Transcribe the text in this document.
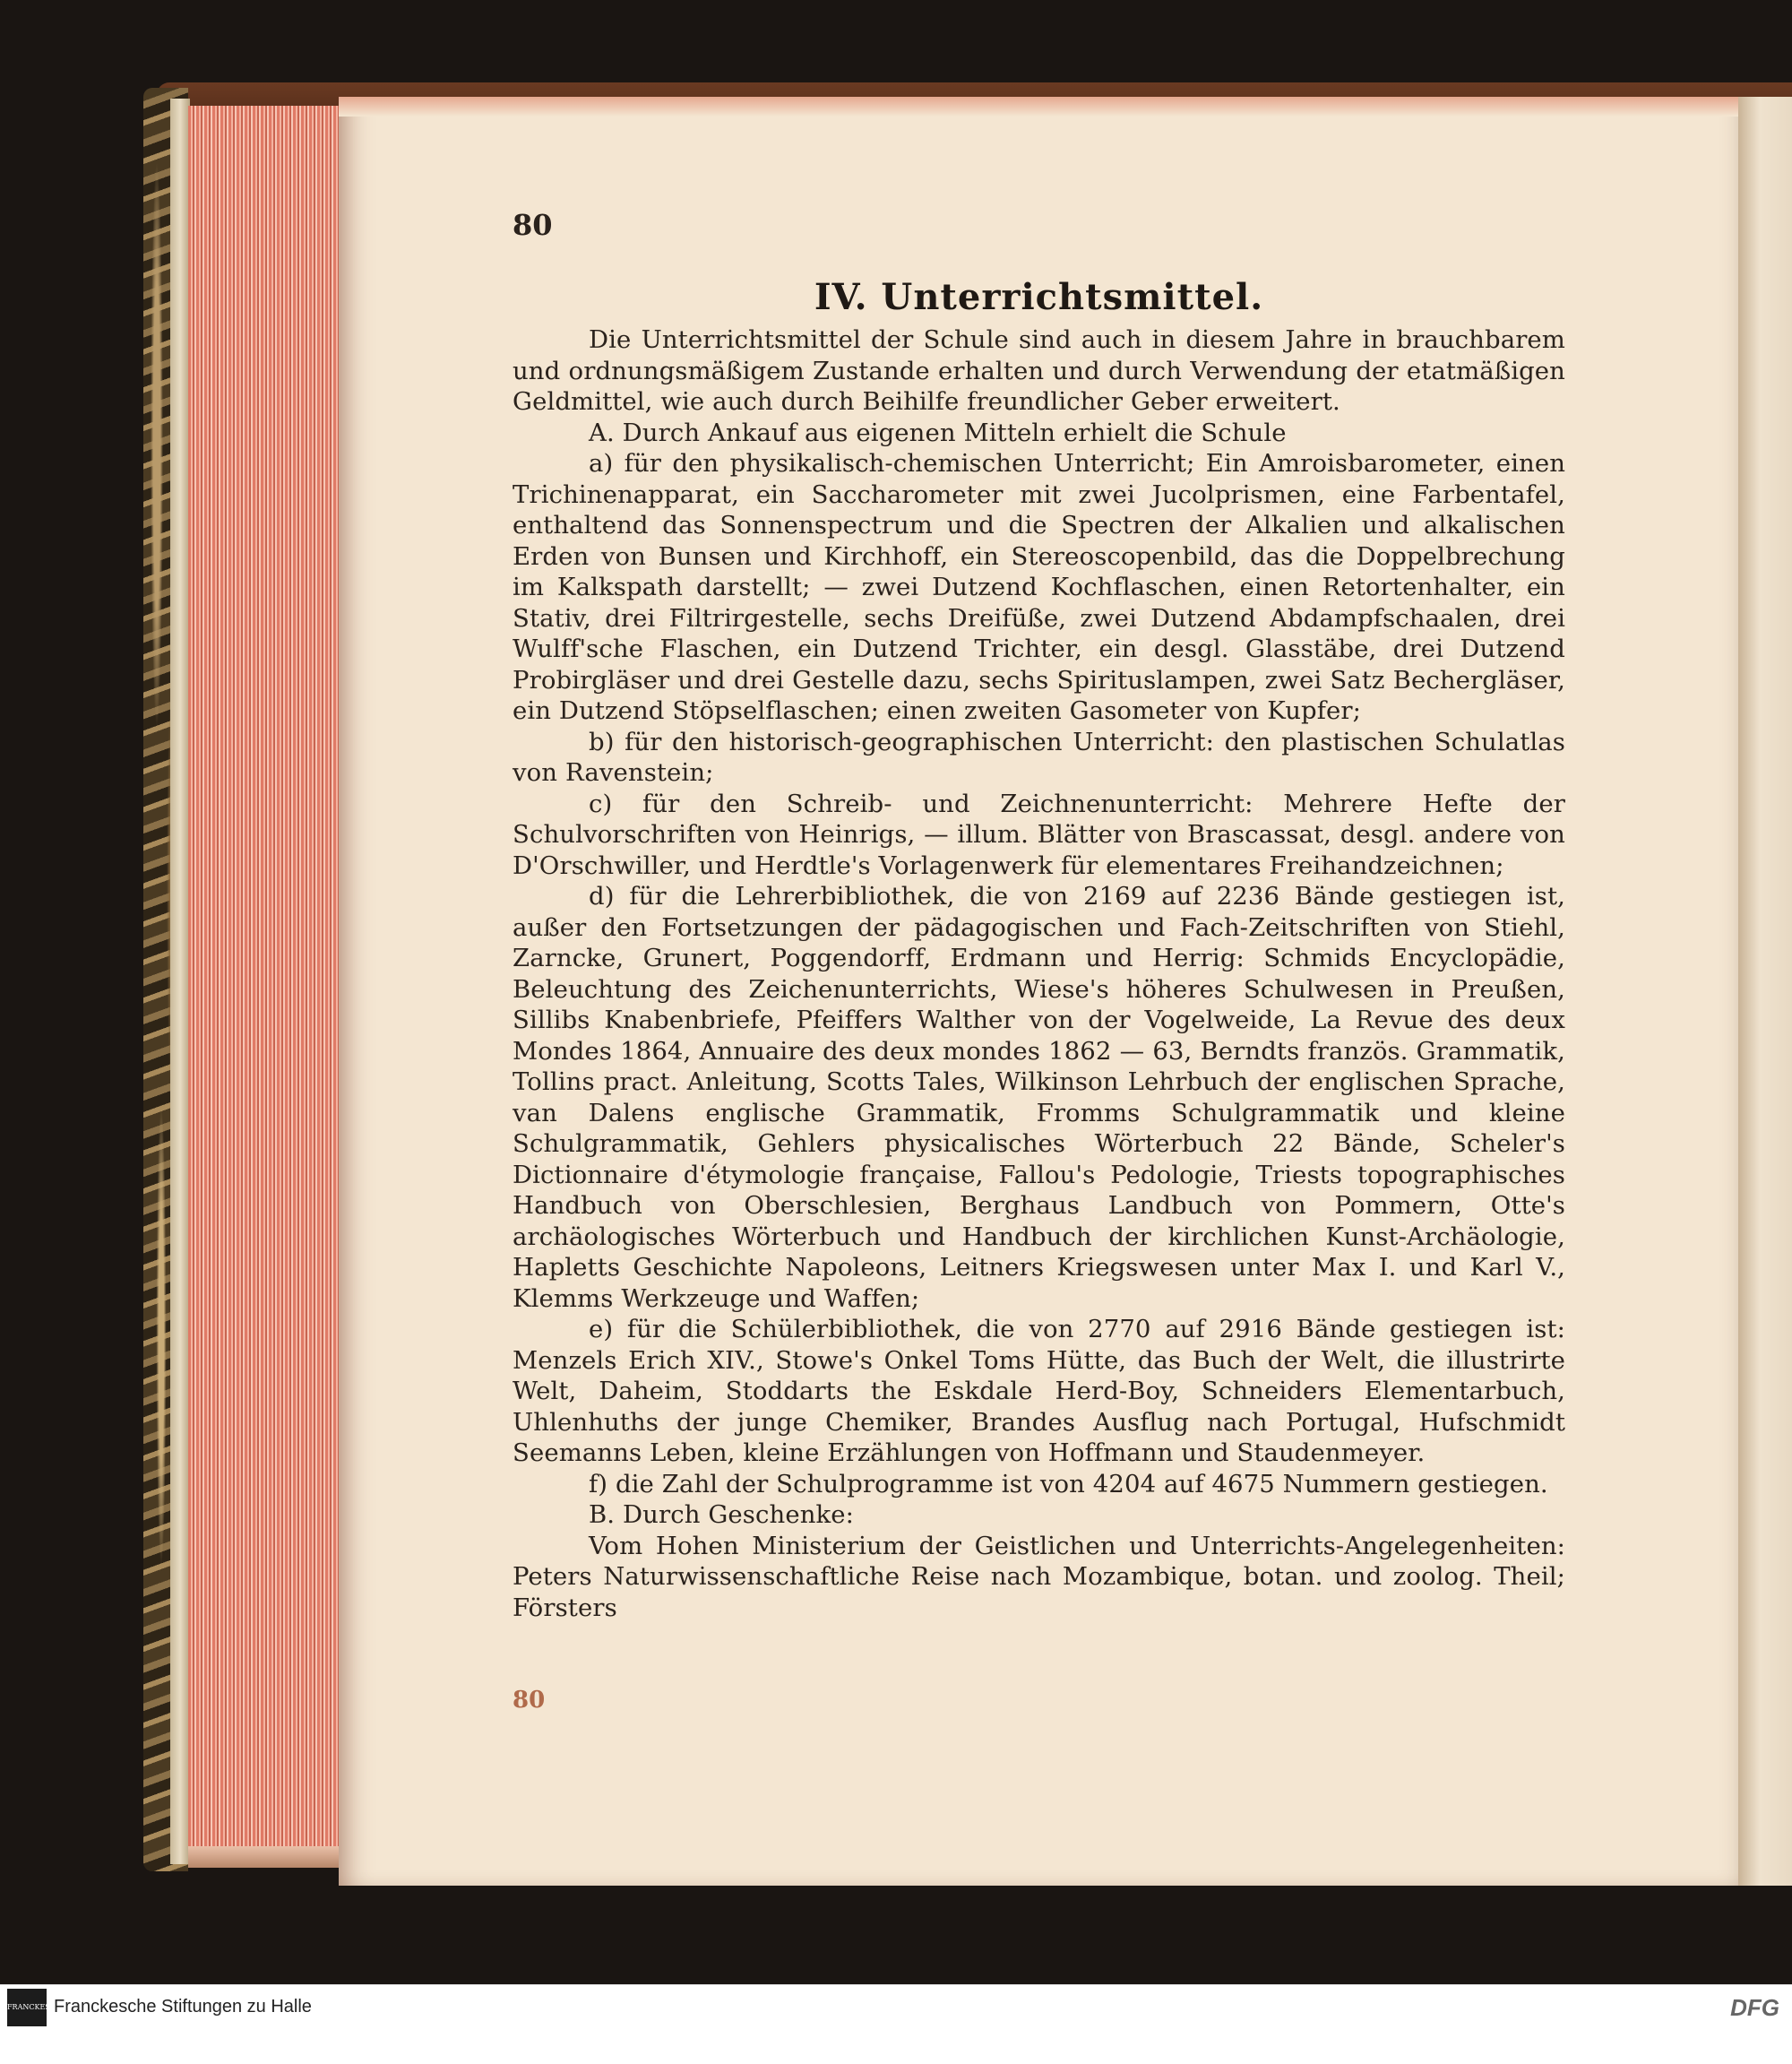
80
IV. Unterrichtsmittel.

Die Unterrichtsmittel der Schule sind auch in diesem Jahre in brauchbarem und ordnungsmäßigem Zustande erhalten und durch Verwendung der etatmäßigen Geldmittel, wie auch durch Beihilfe freundlicher Geber erweitert.

A. Durch Ankauf aus eigenen Mitteln erhielt die Schule

a) für den physikalisch-chemischen Unterricht; Ein Amroisbarometer, einen Trichinenapparat, ein Saccharometer mit zwei Jucolprismen, eine Farbentafel, enthaltend das Sonnenspectrum und die Spectren der Alkalien und alkalischen Erden von Bunsen und Kirchhoff, ein Stereoscopenbild, das die Doppelbrechung im Kalkspath darstellt; — zwei Dutzend Kochflaschen, einen Retortenhalter, ein Stativ, drei Filtrirgestelle, sechs Dreifüße, zwei Dutzend Abdampfschaalen, drei Wulff'sche Flaschen, ein Dutzend Trichter, ein desgl. Glasstäbe, drei Dutzend Probirgläser und drei Gestelle dazu, sechs Spirituslampen, zwei Satz Bechergläser, ein Dutzend Stöpselflaschen; einen zweiten Gasometer von Kupfer;

b) für den historisch-geographischen Unterricht: den plastischen Schulatlas von Ravenstein;

c) für den Schreib- und Zeichnenunterricht: Mehrere Hefte der Schulvorschriften von Heinrigs, — illum. Blätter von Brascassat, desgl. andere von D'Orschwiller, und Herdtle's Vorlagenwerk für elementares Freihandzeichnen;

d) für die Lehrerbibliothek, die von 2169 auf 2236 Bände gestiegen ist, außer den Fortsetzungen der pädagogischen und Fach-Zeitschriften von Stiehl, Zarncke, Grunert, Poggendorff, Erdmann und Herrig: Schmids Encyclopädie, Beleuchtung des Zeichenunterrichts, Wiese's höheres Schulwesen in Preußen, Sillibs Knabenbriefe, Pfeiffers Walther von der Vogelweide, La Revue des deux Mondes 1864, Annuaire des deux mondes 1862 — 63, Berndts französ. Grammatik, Tollins pract. Anleitung, Scotts Tales, Wilkinson Lehrbuch der englischen Sprache, van Dalens englische Grammatik, Fromms Schulgrammatik und kleine Schulgrammatik, Gehlers physicalisches Wörterbuch 22 Bände, Scheler's Dictionnaire d'étymologie française, Fallou's Pedologie, Triests topographisches Handbuch von Oberschlesien, Berghaus Landbuch von Pommern, Otte's archäologisches Wörterbuch und Handbuch der kirchlichen Kunst-Archäologie, Hapletts Geschichte Napoleons, Leitners Kriegswesen unter Max I. und Karl V., Klemms Werkzeuge und Waffen;

e) für die Schülerbibliothek, die von 2770 auf 2916 Bände gestiegen ist: Menzels Erich XIV., Stowe's Onkel Toms Hütte, das Buch der Welt, die illustrirte Welt, Daheim, Stoddarts the Eskdale Herd-Boy, Schneiders Elementarbuch, Uhlenhuths der junge Chemiker, Brandes Ausflug nach Portugal, Hufschmidt Seemanns Leben, kleine Erzählungen von Hoffmann und Staudenmeyer.

f) die Zahl der Schulprogramme ist von 4204 auf 4675 Nummern gestiegen.

B. Durch Geschenke:

Vom Hohen Ministerium der Geistlichen und Unterrichts-Angelegenheiten: Peters Naturwissenschaftliche Reise nach Mozambique, botan. und zoolog. Theil; Försters

80
FRANCKESCHE STIFTUNGEN
Franckesche Stiftungen zu Halle	DFG
